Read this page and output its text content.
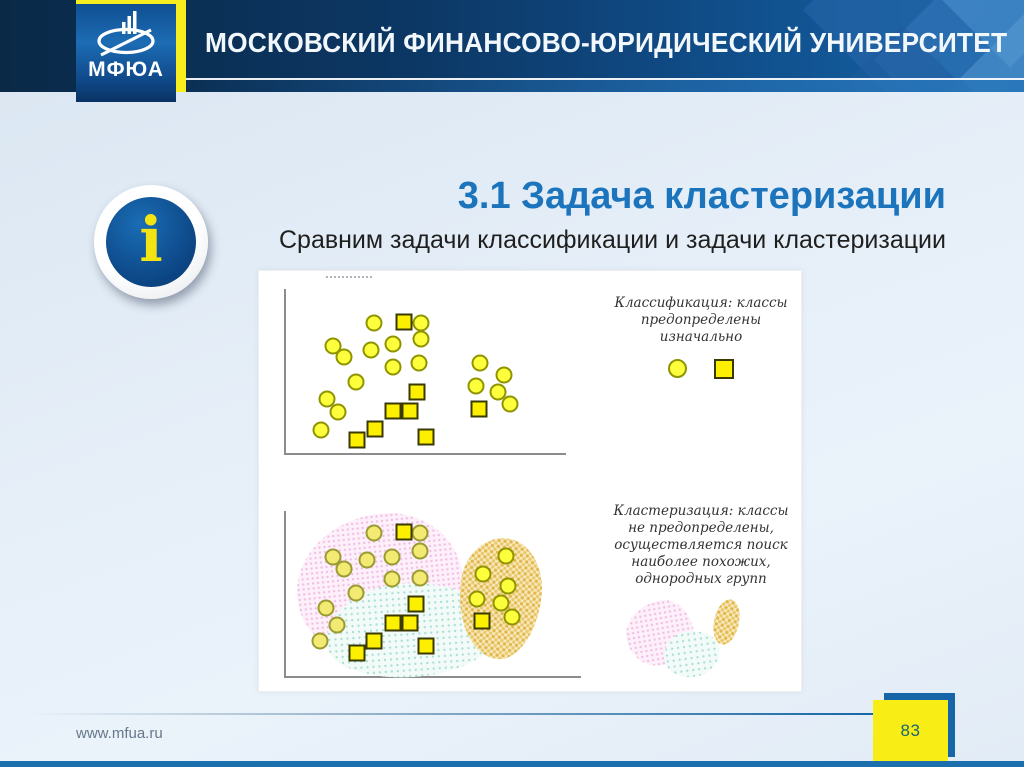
МОСКОВСКИЙ ФИНАНСОВО-ЮРИДИЧЕСКИЙ УНИВЕРСИТЕТ
МФЮА
3.1 Задача кластеризации
Сравним задачи классификации и задачи кластеризации
i
Классификация: классы
предопределены
изначально
Кластеризация: классы
не предопределены,
осуществляется поиск
наиболее похожих,
однородных групп
www.mfua.ru	83
